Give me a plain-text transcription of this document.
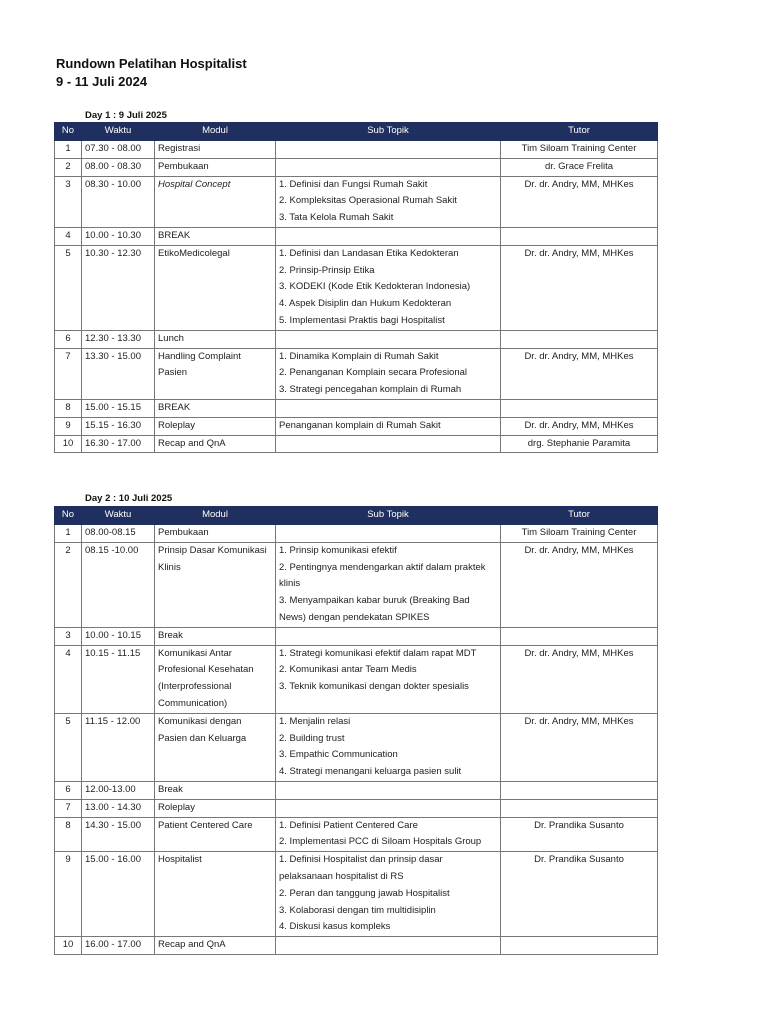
Rundown Pelatihan Hospitalist
9 - 11 Juli 2024
Day 1 : 9 Juli 2025
No	Waktu	Modul	Sub Topik	Tutor
1	07.30 - 08.00	Registrasi		Tim Siloam Training Center
2	08.00 - 08.30	Pembukaan		dr. Grace Frelita
3	08.30 - 10.00	Hospital Concept	1. Definisi dan Fungsi Rumah Sakit
2. Kompleksitas Operasional Rumah Sakit
3. Tata Kelola Rumah Sakit	Dr. dr. Andry, MM, MHKes
4	10.00 - 10.30	BREAK		
5	10.30 - 12.30	EtikoMedicolegal	1. Definisi dan Landasan Etika Kedokteran
2. Prinsip-Prinsip Etika
3. KODEKI (Kode Etik Kedokteran Indonesia)
4. Aspek Disiplin dan Hukum Kedokteran
5. Implementasi Praktis bagi Hospitalist	Dr. dr. Andry, MM, MHKes
6	12.30 - 13.30	Lunch		
7	13.30 - 15.00	Handling Complaint Pasien	1. Dinamika Komplain di Rumah Sakit
2. Penanganan Komplain secara Profesional
3. Strategi pencegahan komplain di Rumah	Dr. dr. Andry, MM, MHKes
8	15.00 - 15.15	BREAK		
9	15.15 - 16.30	Roleplay	Penanganan komplain di Rumah Sakit	Dr. dr. Andry, MM, MHKes
10	16.30 - 17.00	Recap and QnA		drg. Stephanie Paramita
Day 2 : 10 Juli 2025
No	Waktu	Modul	Sub Topik	Tutor
1	08.00-08.15	Pembukaan		Tim Siloam Training Center
2	08.15 -10.00	Prinsip Dasar Komunikasi Klinis	1. Prinsip komunikasi efektif
2. Pentingnya mendengarkan aktif dalam praktek klinis
3. Menyampaikan kabar buruk (Breaking Bad News) dengan pendekatan SPIKES	Dr. dr. Andry, MM, MHKes
3	10.00 - 10.15	Break		
4	10.15 - 11.15	Komunikasi Antar Profesional Kesehatan (Interprofessional Communication)	1. Strategi komunikasi efektif dalam rapat MDT
2. Komunikasi antar Team Medis
3. Teknik komunikasi dengan dokter spesialis	Dr. dr. Andry, MM, MHKes
5	11.15 - 12.00	Komunikasi dengan Pasien dan Keluarga	1. Menjalin relasi
2. Building trust
3. Empathic Communication
4. Strategi menangani keluarga pasien sulit	Dr. dr. Andry, MM, MHKes
6	12.00-13.00	Break		
7	13.00 - 14.30	Roleplay		
8	14.30 - 15.00	Patient Centered Care	1. Definisi Patient Centered Care
2. Implementasi PCC di Siloam Hospitals Group	Dr. Prandika Susanto
9	15.00 - 16.00	Hospitalist	1. Definisi Hospitalist dan prinsip dasar pelaksanaan hospitalist di RS
2. Peran dan tanggung jawab Hospitalist
3. Kolaborasi dengan tim multidisiplin
4. Diskusi kasus kompleks	Dr. Prandika Susanto
10	16.00 - 17.00	Recap and QnA		
